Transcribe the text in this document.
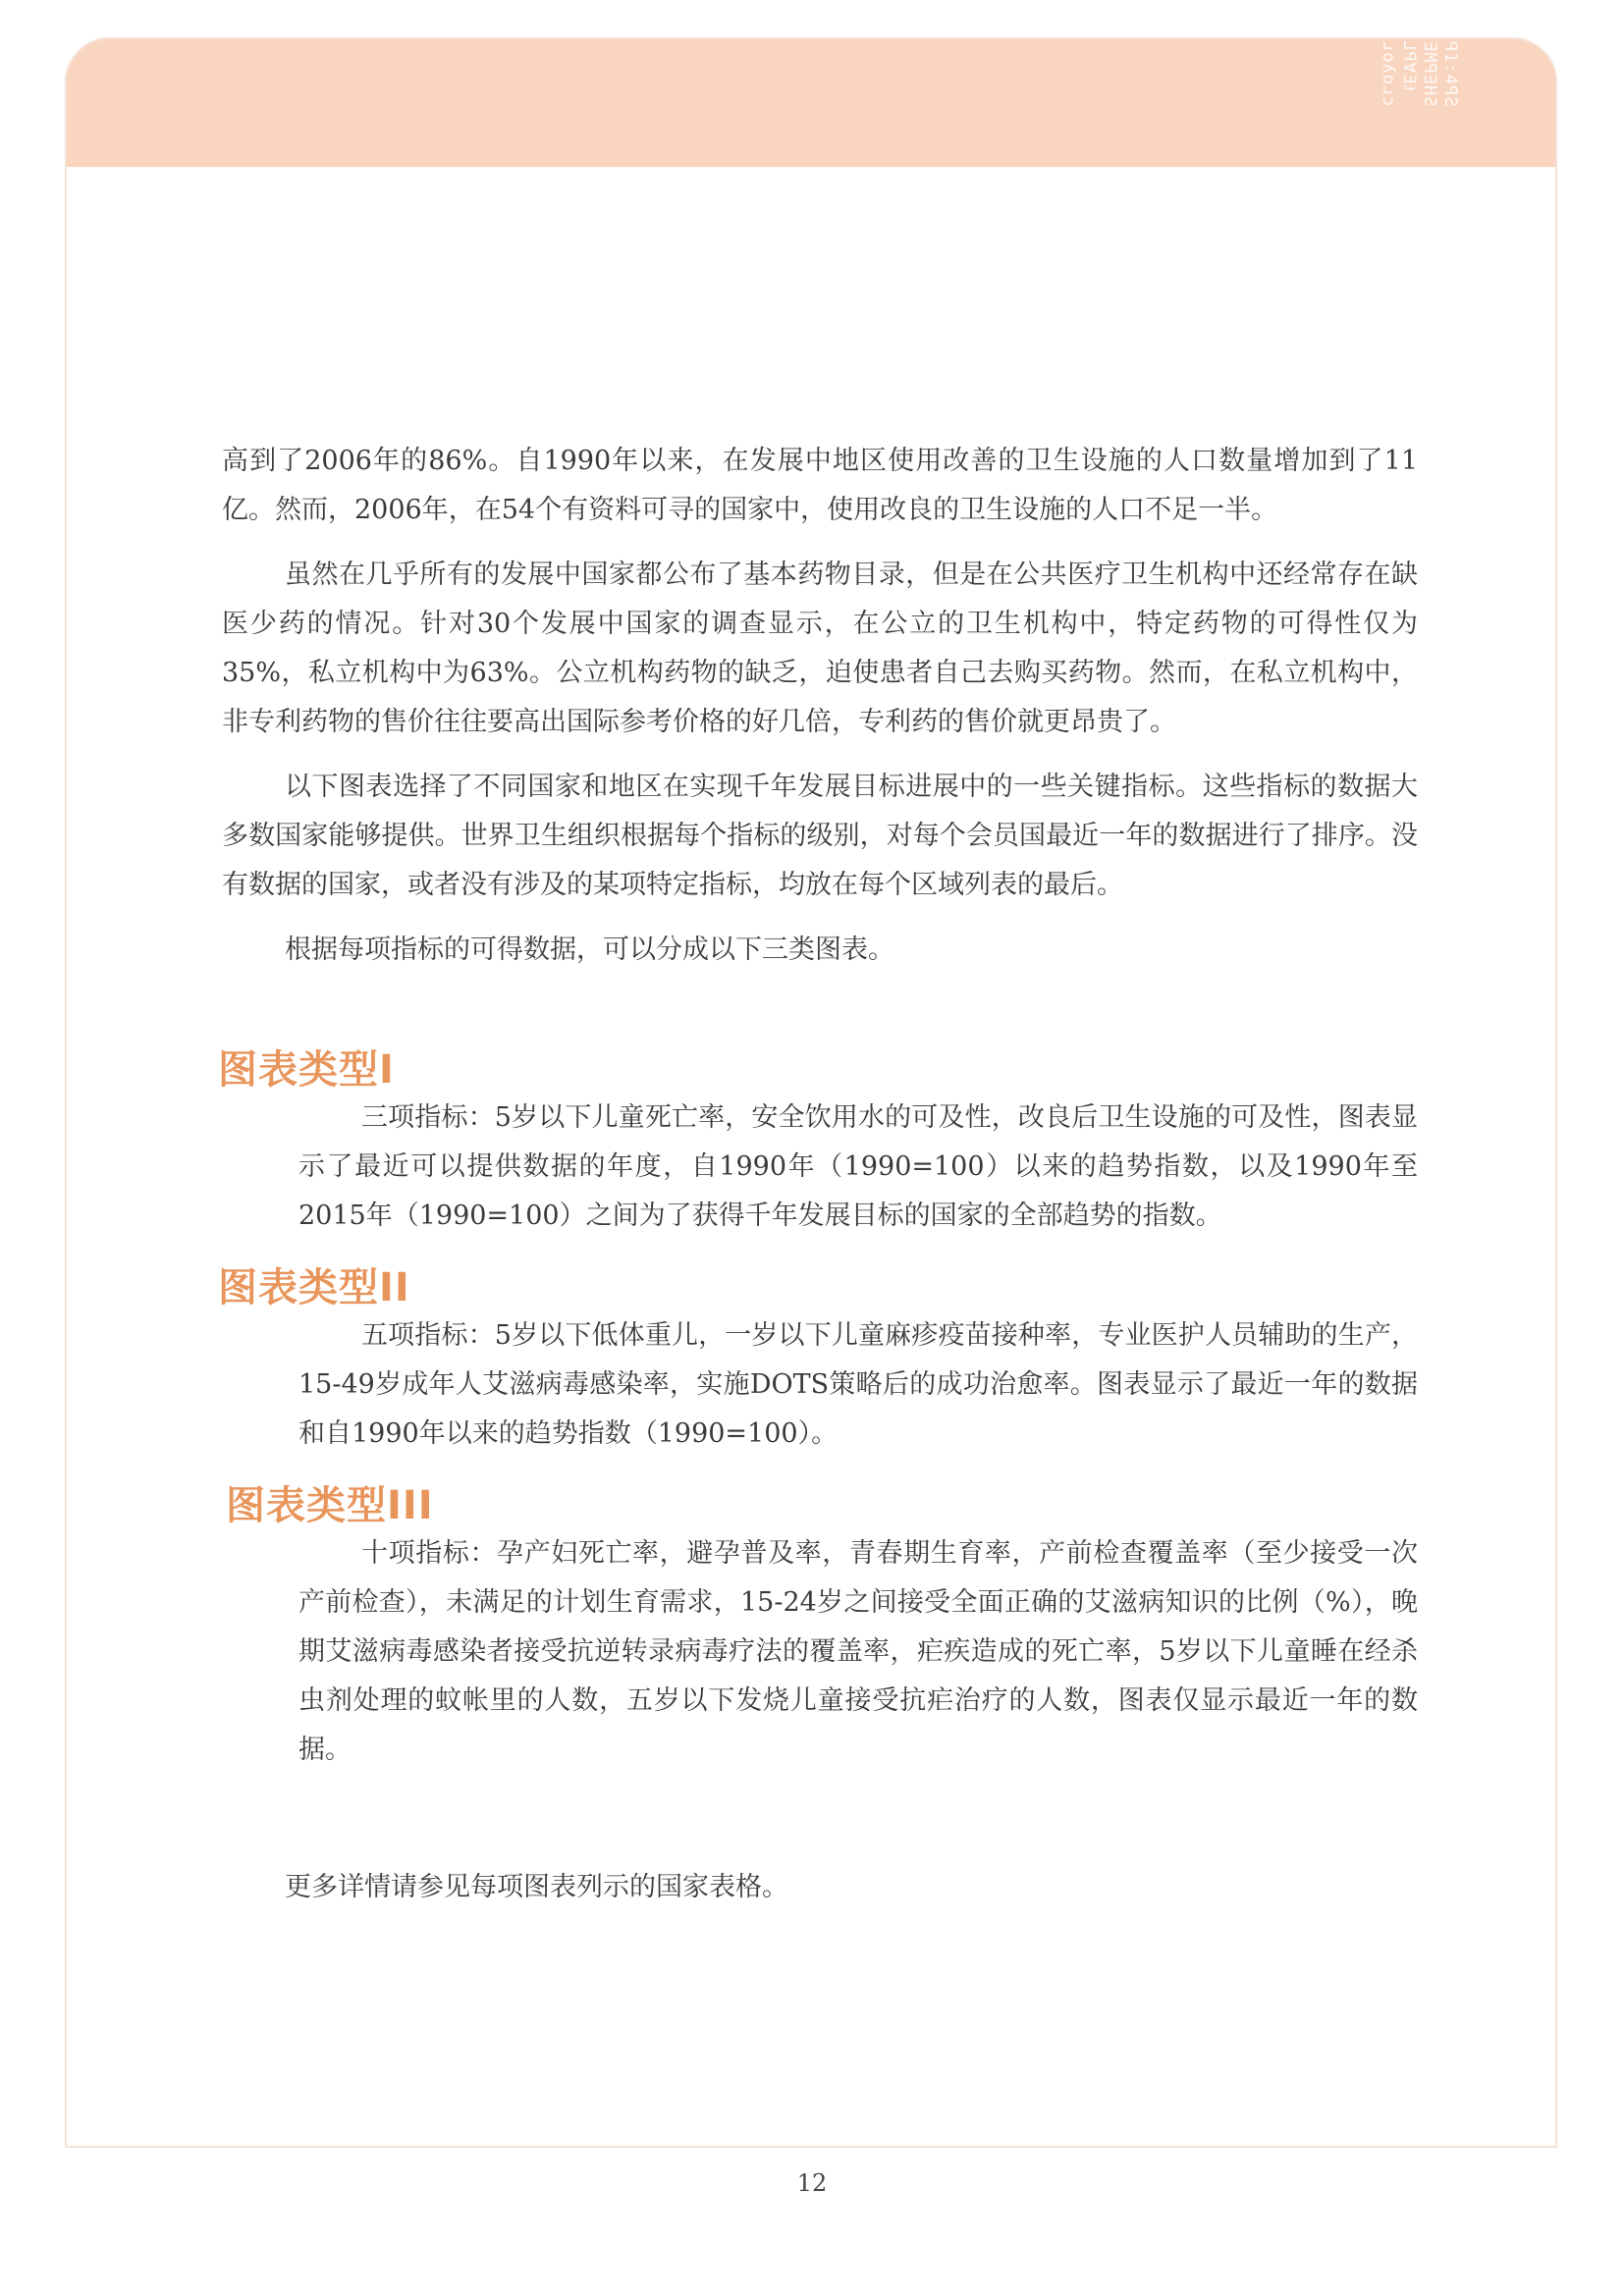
ꟼ1:4ꟼƧ
ƎMꟼ∃HƧ
⅃ꟼ∀ƎɈ
ɹoʎoɹɔ

高到了2006年的86%。自1990年以来，在发展中地区使用改善的卫生设施的人口数量增加到了11亿。然而，2006年，在54个有资料可寻的国家中，使用改良的卫生设施的人口不足一半。

虽然在几乎所有的发展中国家都公布了基本药物目录，但是在公共医疗卫生机构中还经常存在缺医少药的情况。针对30个发展中国家的调查显示，在公立的卫生机构中，特定药物的可得性仅为35%，私立机构中为63%。公立机构药物的缺乏，迫使患者自己去购买药物。然而，在私立机构中，非专利药物的售价往往要高出国际参考价格的好几倍，专利药的售价就更昂贵了。

以下图表选择了不同国家和地区在实现千年发展目标进展中的一些关键指标。这些指标的数据大多数国家能够提供。世界卫生组织根据每个指标的级别，对每个会员国最近一年的数据进行了排序。没有数据的国家，或者没有涉及的某项特定指标，均放在每个区域列表的最后。

根据每项指标的可得数据，可以分成以下三类图表。

图表类型I

三项指标：5岁以下儿童死亡率，安全饮用水的可及性，改良后卫生设施的可及性，图表显示了最近可以提供数据的年度，自1990年（1990=100）以来的趋势指数，以及1990年至2015年（1990=100）之间为了获得千年发展目标的国家的全部趋势的指数。

图表类型II

五项指标：5岁以下低体重儿，一岁以下儿童麻疹疫苗接种率，专业医护人员辅助的生产，15-49岁成年人艾滋病毒感染率，实施DOTS策略后的成功治愈率。图表显示了最近一年的数据和自1990年以来的趋势指数（1990=100）。

图表类型III

十项指标：孕产妇死亡率，避孕普及率，青春期生育率，产前检查覆盖率（至少接受一次产前检查），未满足的计划生育需求，15-24岁之间接受全面正确的艾滋病知识的比例（%），晚期艾滋病毒感染者接受抗逆转录病毒疗法的覆盖率，疟疾造成的死亡率，5岁以下儿童睡在经杀虫剂处理的蚊帐里的人数，五岁以下发烧儿童接受抗疟治疗的人数，图表仅显示最近一年的数据。

更多详情请参见每项图表列示的国家表格。

12
